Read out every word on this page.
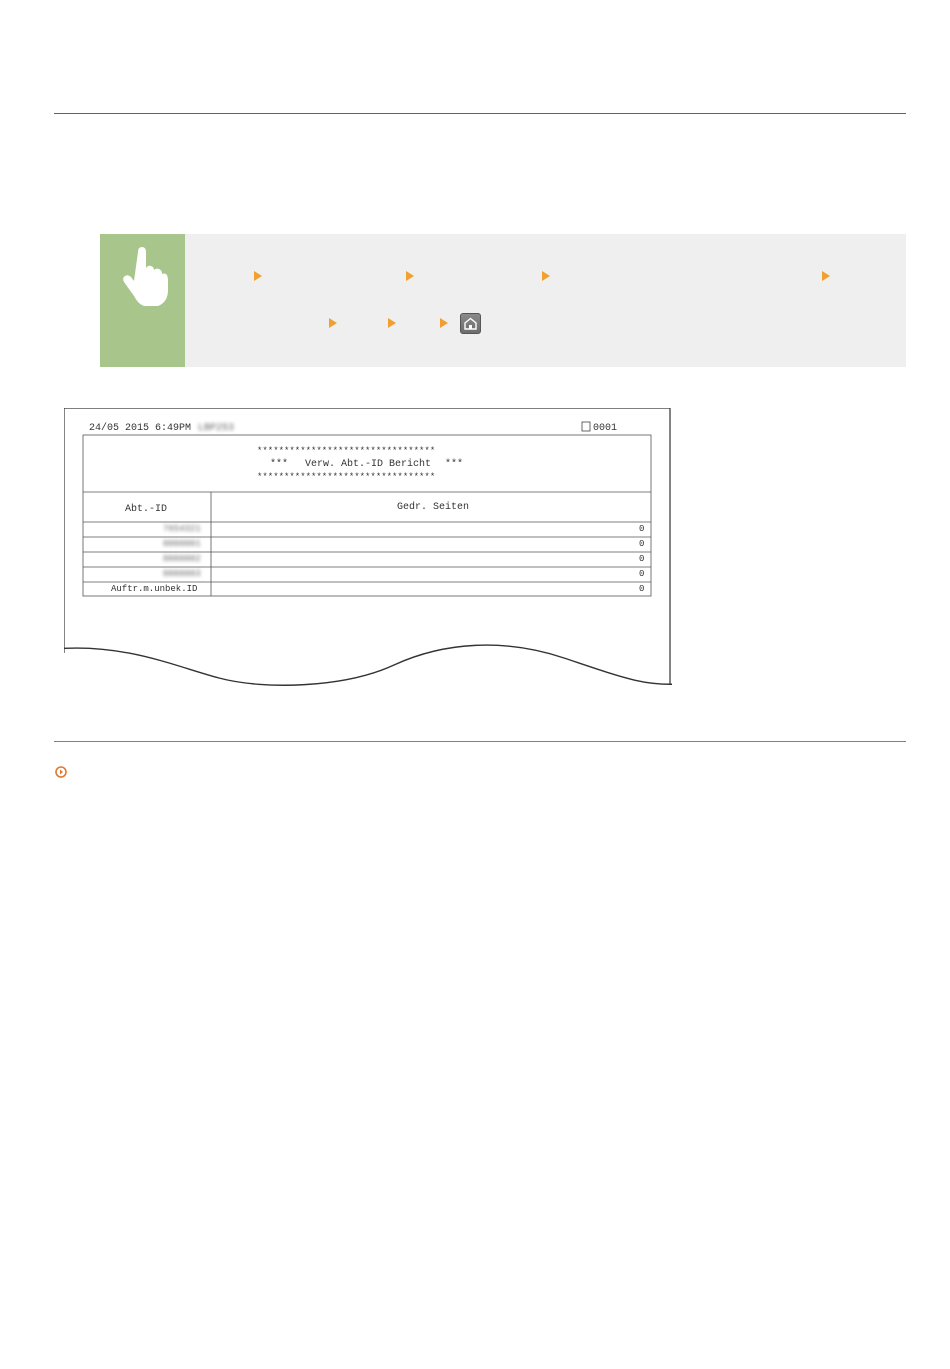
24/05 2015 6:49PM LBP253	0001
*********************************
*** Verw. Abt.-ID Bericht ***
*********************************
Abt.-ID	Gedr. Seiten
7654321	0
0000001	0
0000002	0
0000003	0
Auftr.m.unbek.ID	0
